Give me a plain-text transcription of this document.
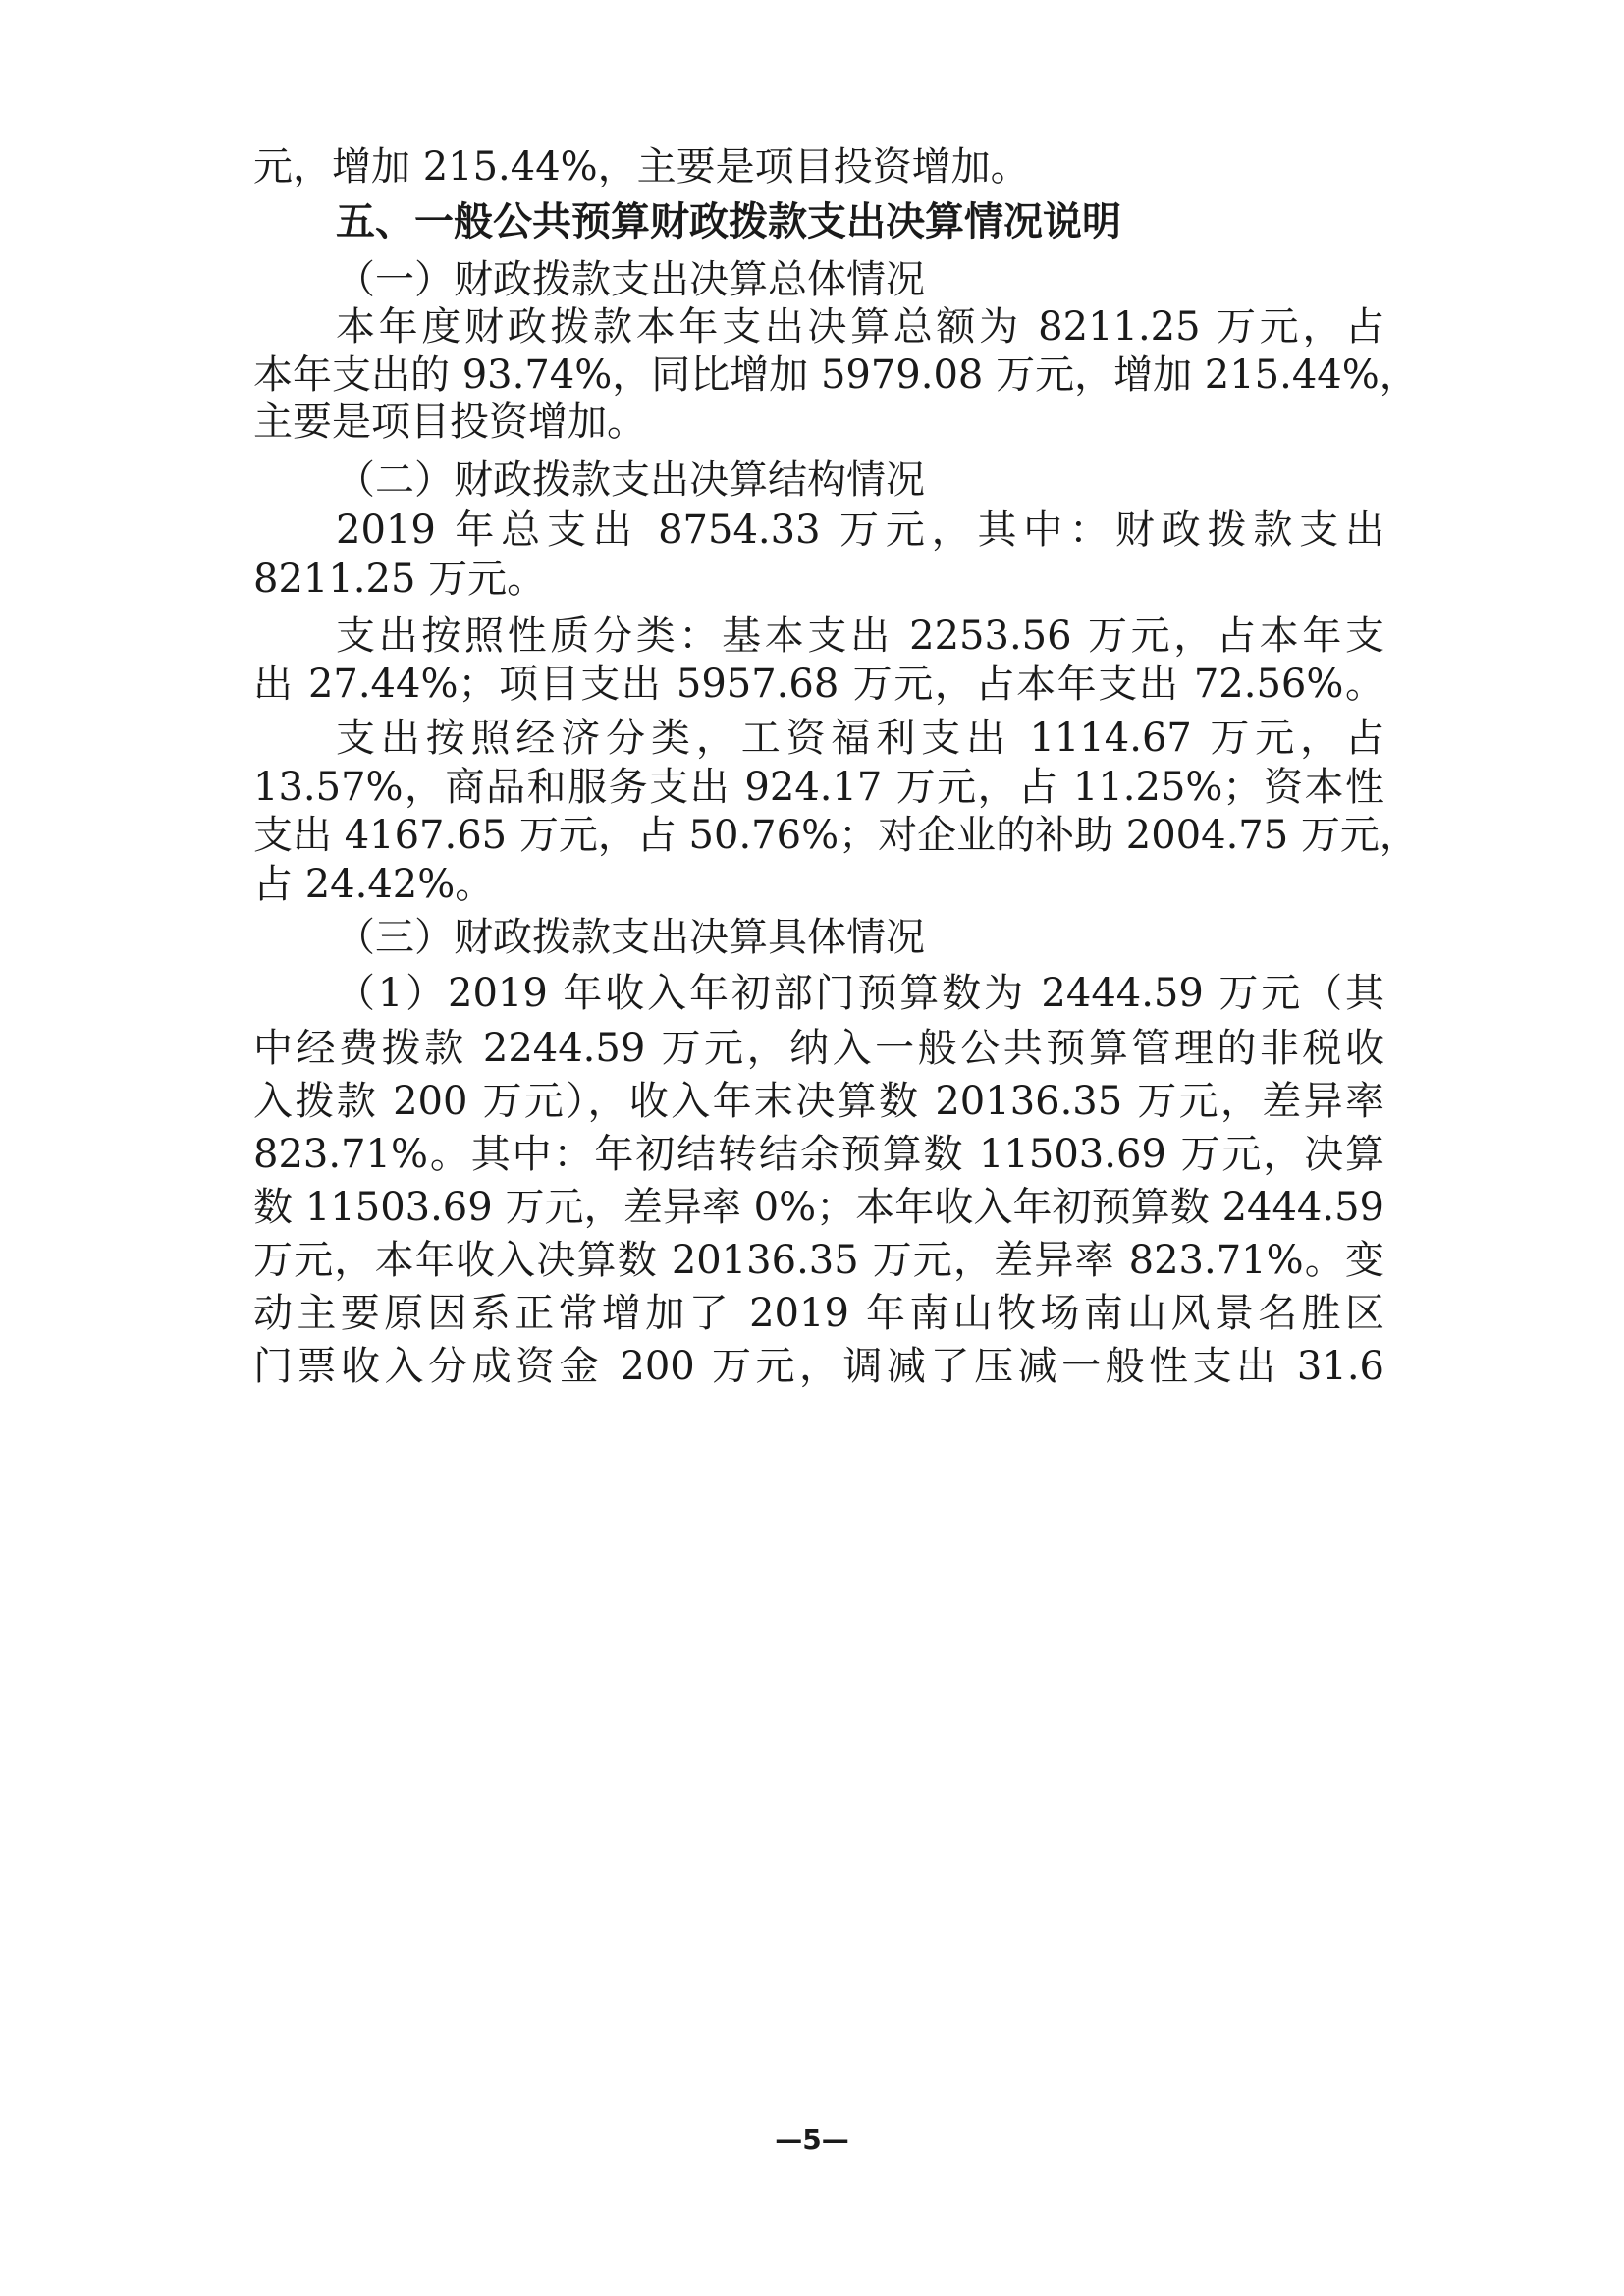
元，增加 215.44%，主要是项目投资增加。
五、一般公共预算财政拨款支出决算情况说明
（一）财政拨款支出决算总体情况
本年度财政拨款本年支出决算总额为 8211.25 万元，占
本年支出的 93.74%，同比增加 5979.08 万元，增加 215.44%，
主要是项目投资增加。
（二）财政拨款支出决算结构情况
2019 年总支出 8754.33 万元，其中：财政拨款支出
8211.25 万元。
支出按照性质分类：基本支出 2253.56 万元，占本年支
出 27.44%；项目支出 5957.68 万元，占本年支出 72.56%。
支出按照经济分类，工资福利支出 1114.67 万元，占
13.57%，商品和服务支出 924.17 万元，占 11.25%；资本性
支出 4167.65 万元，占 50.76%；对企业的补助 2004.75 万元，
占 24.42%。
（三）财政拨款支出决算具体情况
（1）2019 年收入年初部门预算数为 2444.59 万元（其
中经费拨款 2244.59 万元，纳入一般公共预算管理的非税收
入拨款 200 万元），收入年末决算数 20136.35 万元，差异率
823.71%。其中：年初结转结余预算数 11503.69 万元，决算
数 11503.69 万元，差异率 0%；本年收入年初预算数 2444.59
万元，本年收入决算数 20136.35 万元，差异率 823.71%。变
动主要原因系正常增加了 2019 年南山牧场南山风景名胜区
门票收入分成资金 200 万元，调减了压减一般性支出 31.6
—5—
